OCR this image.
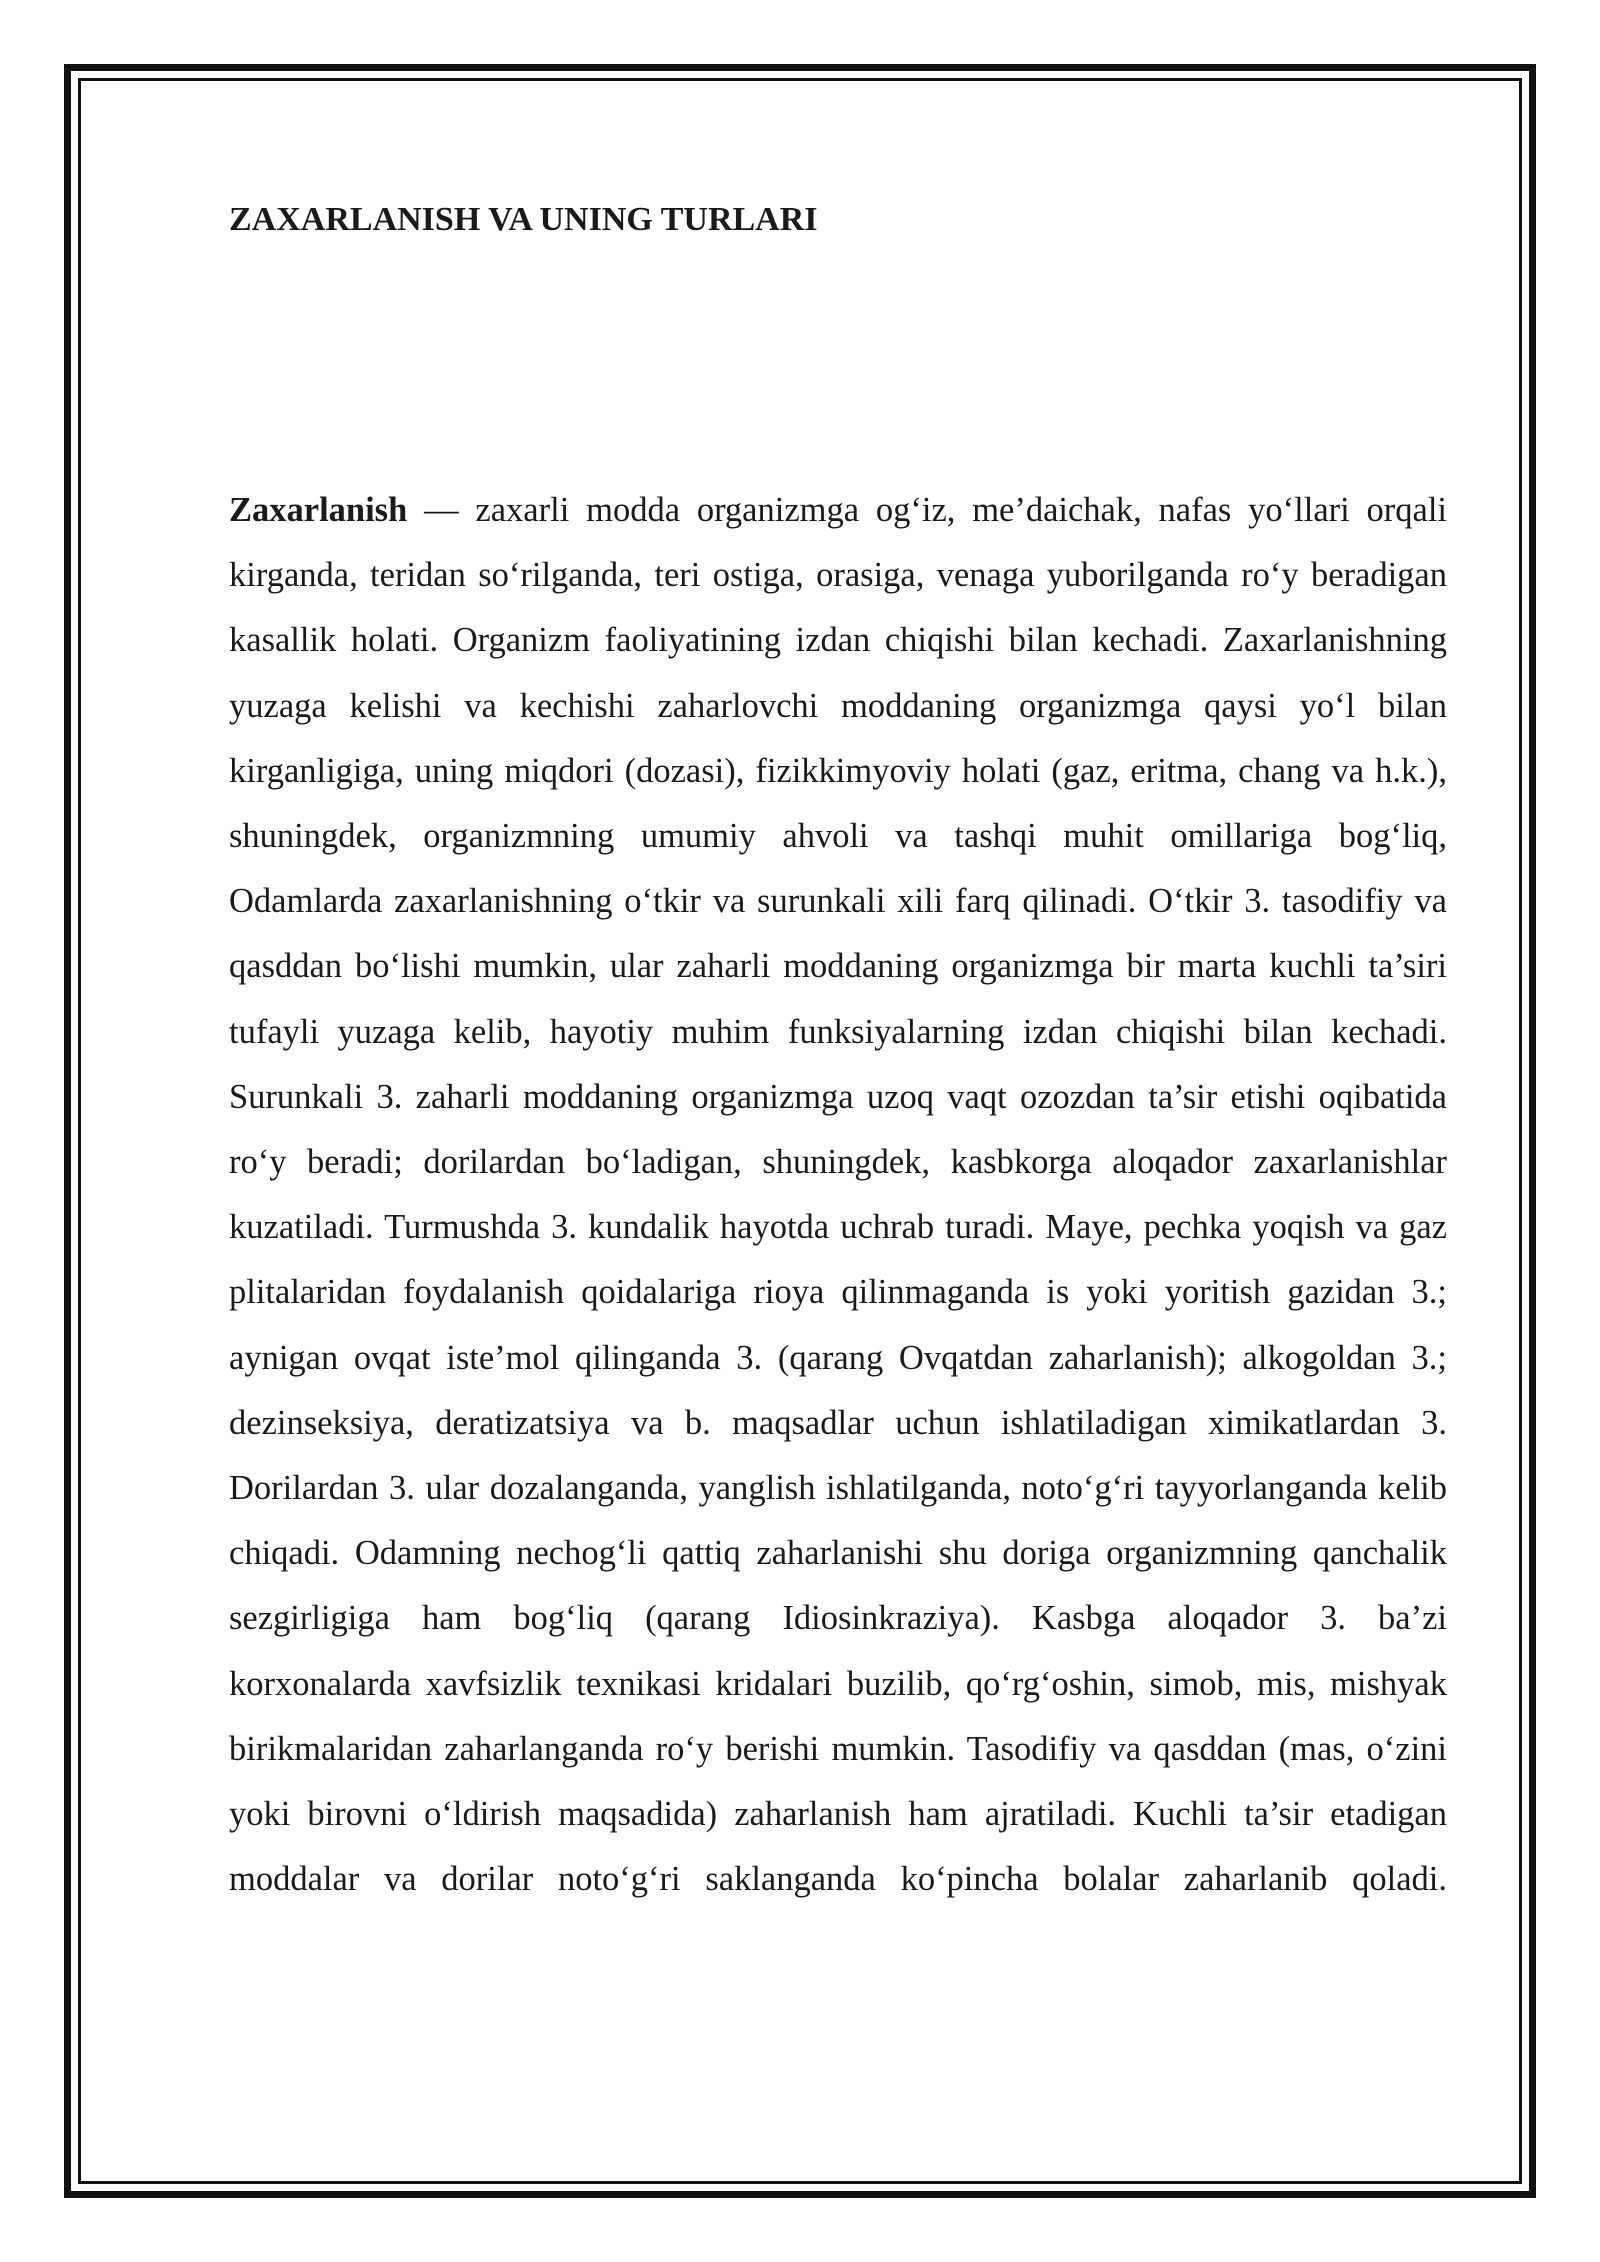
ZAXARLANISH VA UNING TURLARI

Zaxarlanish — zaxarli modda organizmga og‘iz, me’daichak, nafas yo‘llari orqali kirganda, teridan so‘rilganda, teri ostiga, orasiga, venaga yuborilganda ro‘y beradigan kasallik holati. Organizm faoliyatining izdan chiqishi bilan kechadi. Zaxarlanishning yuzaga kelishi va kechishi zaharlovchi moddaning organizmga qaysi yo‘l bilan kirganligiga, uning miqdori (dozasi), fizikkimyoviy holati (gaz, eritma, chang va h.k.), shuningdek, organizmning umumiy ahvoli va tashqi muhit omillariga bog‘liq, Odamlarda zaxarlanishning o‘tkir va surunkali xili farq qilinadi. O‘tkir 3. tasodifiy va qasddan bo‘lishi mumkin, ular zaharli moddaning organizmga bir marta kuchli ta’siri tufayli yuzaga kelib, hayotiy muhim funksiyalarning izdan chiqishi bilan kechadi. Surunkali 3. zaharli moddaning organizmga uzoq vaqt ozozdan ta’sir etishi oqibatida ro‘y beradi; dorilardan bo‘ladigan, shuningdek, kasbkorga aloqador zaxarlanishlar kuzatiladi. Turmushda 3. kundalik hayotda uchrab turadi. Maye, pechka yoqish va gaz plitalaridan foydalanish qoidalariga rioya qilinmaganda is yoki yoritish gazidan 3.; aynigan ovqat iste’mol qilinganda 3. (qarang Ovqatdan zaharlanish); alkogoldan 3.; dezinseksiya, deratizatsiya va b. maqsadlar uchun ishlatiladigan ximikatlardan 3. Dorilardan 3. ular dozalanganda, yanglish ishlatilganda, noto‘g‘ri tayyorlanganda kelib chiqadi. Odamning nechog‘li qattiq zaharlanishi shu doriga organizmning qanchalik sezgirligiga ham bog‘liq (qarang Idiosinkraziya). Kasbga aloqador 3. ba’zi korxonalarda xavfsizlik texnikasi kridalari buzilib, qo‘rg‘oshin, simob, mis, mishyak birikmalaridan zaharlanganda ro‘y berishi mumkin. Tasodifiy va qasddan (mas, o‘zini yoki birovni o‘ldirish maqsadida) zaharlanish ham ajratiladi. Kuchli ta’sir etadigan moddalar va dorilar noto‘g‘ri saklanganda ko‘pincha bolalar zaharlanib qoladi.
